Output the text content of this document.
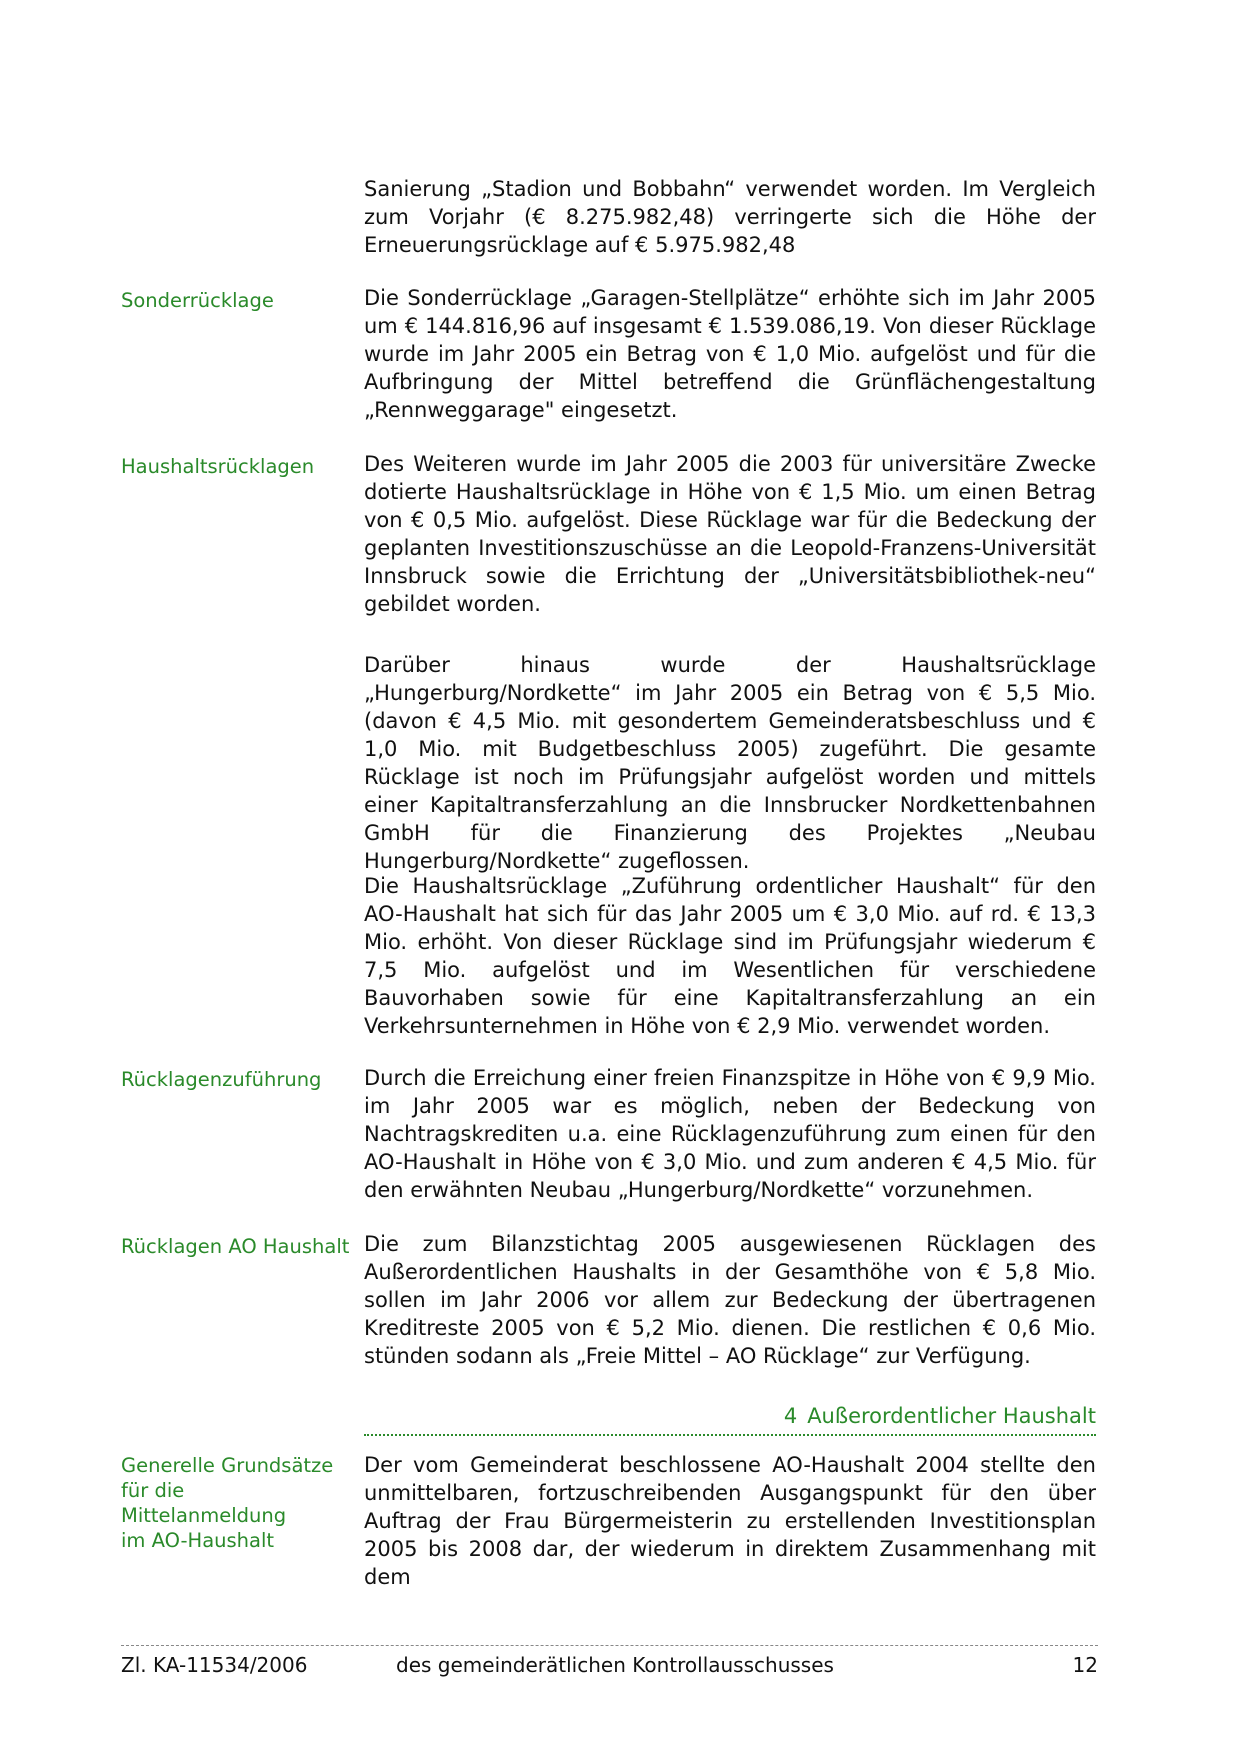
Sanierung „Stadion und Bobbahn“ verwendet worden. Im Vergleich zum Vorjahr (€ 8.275.982,48) verringerte sich die Höhe der Erneuerungsrücklage auf € 5.975.982,48
Sonderrücklage	Die Sonderrücklage „Garagen-Stellplätze“ erhöhte sich im Jahr 2005 um € 144.816,96 auf insgesamt € 1.539.086,19. Von dieser Rücklage wurde im Jahr 2005 ein Betrag von € 1,0 Mio. aufgelöst und für die Aufbringung der Mittel betreffend die Grünflächengestaltung „Rennweggarage" eingesetzt.
Haushaltsrücklagen	Des Weiteren wurde im Jahr 2005 die 2003 für universitäre Zwecke dotierte Haushaltsrücklage in Höhe von € 1,5 Mio. um einen Betrag von € 0,5 Mio. aufgelöst. Diese Rücklage war für die Bedeckung der geplanten Investitionszuschüsse an die Leopold-Franzens-Universität Innsbruck sowie die Errichtung der „Universitätsbibliothek-neu“ gebildet worden.
Darüber hinaus wurde der Haushaltsrücklage „Hungerburg/Nordkette“ im Jahr 2005 ein Betrag von € 5,5 Mio. (davon € 4,5 Mio. mit gesondertem Gemeinderatsbeschluss und € 1,0 Mio. mit Budgetbeschluss 2005) zugeführt. Die gesamte Rücklage ist noch im Prüfungsjahr aufgelöst worden und mittels einer Kapitaltransferzahlung an die Innsbrucker Nordkettenbahnen GmbH für die Finanzierung des Projektes „Neubau Hungerburg/Nordkette“ zugeflossen.
Die Haushaltsrücklage „Zuführung ordentlicher Haushalt“ für den AO-Haushalt hat sich für das Jahr 2005 um € 3,0 Mio. auf rd. € 13,3 Mio. erhöht. Von dieser Rücklage sind im Prüfungsjahr wiederum € 7,5 Mio. aufgelöst und im Wesentlichen für verschiedene Bauvorhaben sowie für eine Kapitaltransferzahlung an ein Verkehrsunternehmen in Höhe von € 2,9 Mio. verwendet worden.
Rücklagenzuführung	Durch die Erreichung einer freien Finanzspitze in Höhe von € 9,9 Mio. im Jahr 2005 war es möglich, neben der Bedeckung von Nachtragskrediten u.a. eine Rücklagenzuführung zum einen für den AO-Haushalt in Höhe von € 3,0 Mio. und zum anderen € 4,5 Mio. für den erwähnten Neubau „Hungerburg/Nordkette“ vorzunehmen.
Rücklagen AO Haushalt Die zum Bilanzstichtag 2005 ausgewiesenen Rücklagen des Außerordentlichen Haushalts in der Gesamthöhe von € 5,8 Mio. sollen im Jahr 2006 vor allem zur Bedeckung der übertragenen Kreditreste 2005 von € 5,2 Mio. dienen. Die restlichen € 0,6 Mio. stünden sodann als „Freie Mittel – AO Rücklage“ zur Verfügung.
4 Außerordentlicher Haushalt
Generelle Grundsätze
für die Mittelanmeldung
im AO-Haushalt
Der vom Gemeinderat beschlossene AO-Haushalt 2004 stellte den unmittelbaren, fortzuschreibenden Ausgangspunkt für den über Auftrag der Frau Bürgermeisterin zu erstellenden Investitionsplan 2005 bis 2008 dar, der wiederum in direktem Zusammenhang mit dem
Zl. KA-11534/2006	des gemeinderätlichen Kontrollausschusses	12
